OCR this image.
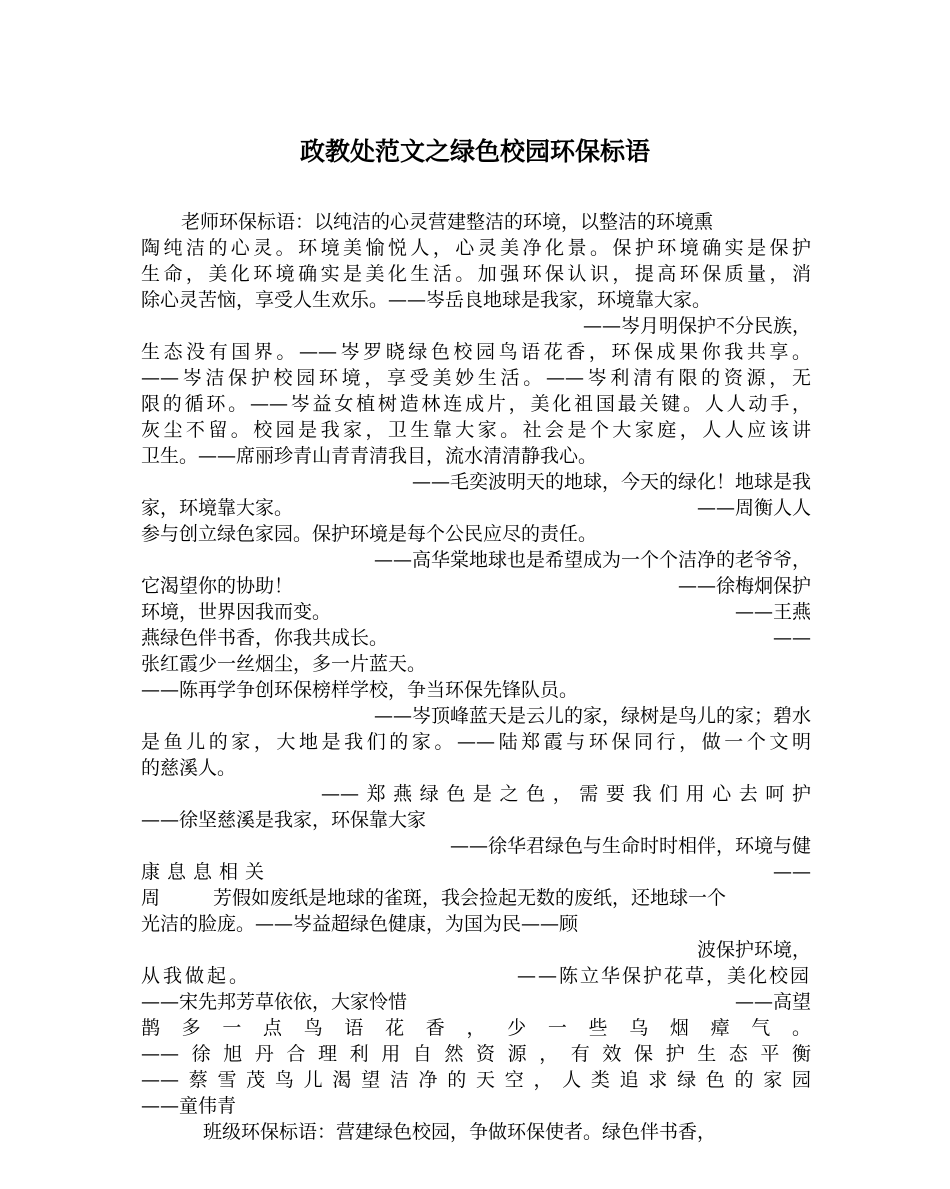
政教处范文之绿色校园环保标语
老师环保标语：以纯洁的心灵营建整洁的环境，以整洁的环境熏
陶纯洁的心灵。环境美愉悦人，心灵美净化景。保护环境确实是保护
生命，美化环境确实是美化生活。加强环保认识，提高环保质量，消
除心灵苦恼，享受人生欢乐。——岑岳良地球是我家，环境靠大家。
——岑月明保护不分民族，
生态没有国界。——岑罗晓绿色校园鸟语花香，环保成果你我共享。
——岑洁保护校园环境，享受美妙生活。——岑利清有限的资源，无
限的循环。——岑益女植树造林连成片，美化祖国最关键。人人动手，
灰尘不留。校园是我家，卫生靠大家。社会是个大家庭，人人应该讲
卫生。——席丽珍青山青青清我目，流水清清静我心。
——毛奕波明天的地球，今天的绿化！地球是我
家，环境靠大家。	——周衡人人
参与创立绿色家园。保护环境是每个公民应尽的责任。
——高华棠地球也是希望成为一个个洁净的老爷爷，
它渴望你的协助！	——徐梅炯保护
环境，世界因我而变。	——王燕
燕绿色伴书香，你我共成长。	——
张红霞少一丝烟尘，多一片蓝天。
——陈再学争创环保榜样学校，争当环保先锋队员。
——岑顶峰蓝天是云儿的家，绿树是鸟儿的家；碧水
是鱼儿的家，大地是我们的家。——陆郑霞与环保同行，做一个文明
的慈溪人。
——郑燕绿色是之色，需要我们用心去呵护
——徐坚慈溪是我家，环保靠大家
——徐华君绿色与生命时时相伴，环境与健
康息息相关	——
周	芳假如废纸是地球的雀斑，我会捡起无数的废纸，还地球一个
光洁的脸庞。——岑益超绿色健康，为国为民——顾
波保护环境，
从我做起。	——陈立华保护花草，美化校园
——宋先邦芳草依依，大家怜惜	——高望
鹊多一点鸟语花香，少一些乌烟瘴气。
——徐旭丹合理利用自然资源，有效保护生态平衡
——蔡雪茂鸟儿渴望洁净的天空，人类追求绿色的家园
——童伟青
班级环保标语：营建绿色校园，争做环保使者。绿色伴书香，
